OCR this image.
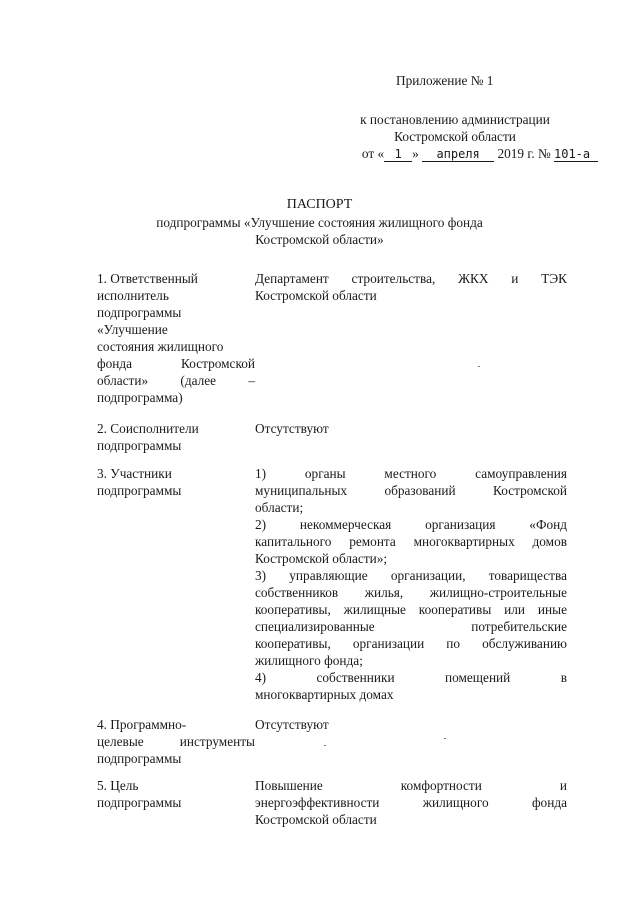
Приложение № 1
к постановлению администрации
Костромской области
от « 1 » апреля 2019 г. № 101-а
ПАСПОРТ
подпрограммы «Улучшение состояния жилищного фонда
Костромской области»
1. Ответственный
исполнитель
подпрограммы
«Улучшение
состояния жилищного
фонда Костромской
области» (далее –
подпрограмма)
Департамент строительства, ЖКХ и ТЭК
Костромской области
2. Соисполнители
подпрограммы
Отсутствуют
3. Участники
подпрограммы
1) органы местного самоуправления
муниципальных образований Костромской
области;
2) некоммерческая организация «Фонд
капитального ремонта многоквартирных домов
Костромской области»;
3) управляющие организации, товарищества
собственников жилья, жилищно-строительные
кооперативы, жилищные кооперативы или иные
специализированные потребительские
кооперативы, организации по обслуживанию
жилищного фонда;
4) собственники помещений в
многоквартирных домах
4. Программно-
целевые инструменты
подпрограммы
Отсутствуют
5. Цель
подпрограммы
Повышение комфортности и
энергоэффективности жилищного фонда
Костромской области
